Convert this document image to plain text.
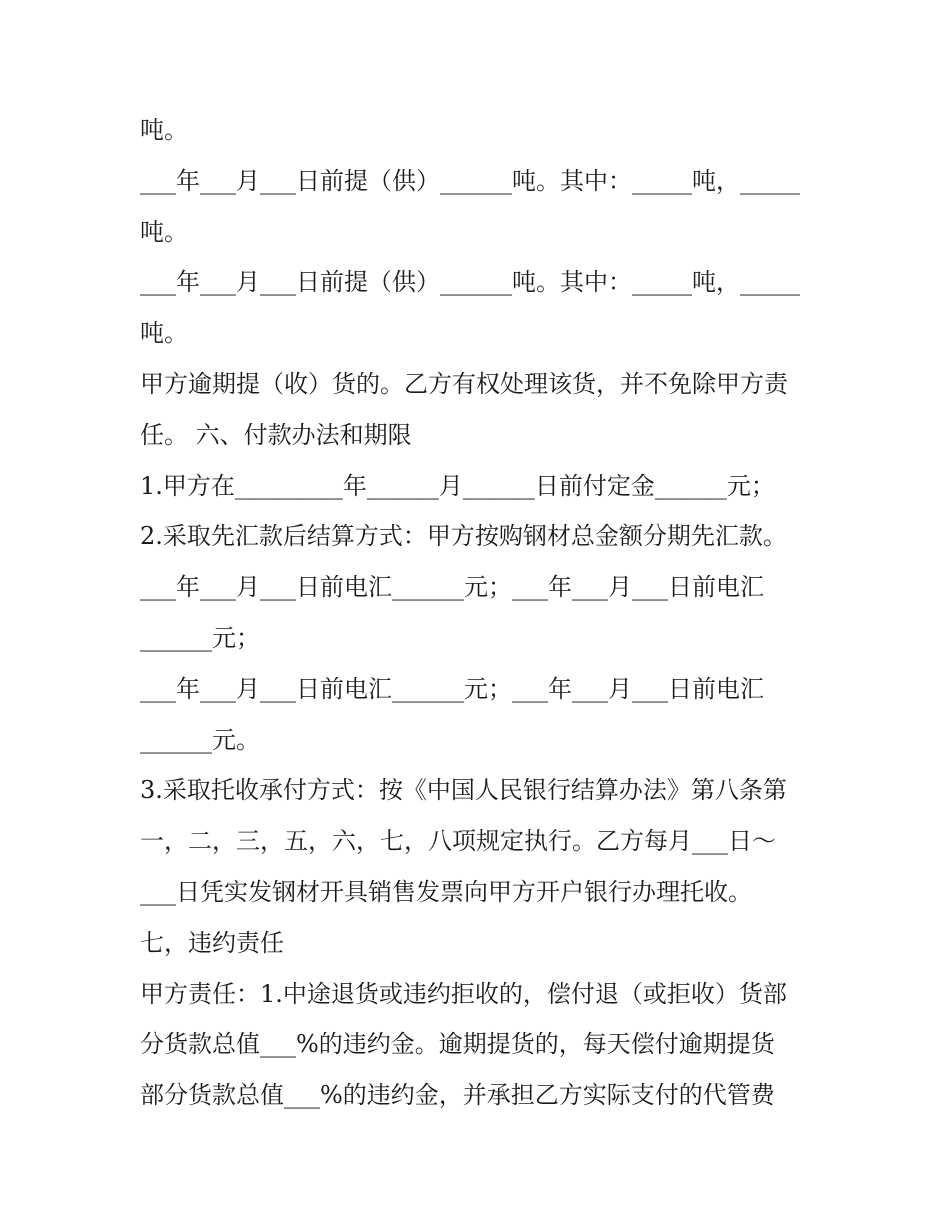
吨。
___年___月___日前提（供）______吨。其中：_____吨，_____
吨。
___年___月___日前提（供）______吨。其中：_____吨，_____
吨。
甲方逾期提（收）货的。乙方有权处理该货，并不免除甲方责
任。 六、付款办法和期限
1.甲方在_________年______月______日前付定金______元；
2.采取先汇款后结算方式：甲方按购钢材总金额分期先汇款。
___年___月___日前电汇______元；___年___月___日前电汇
______元；
___年___月___日前电汇______元；___年___月___日前电汇
______元。
3.采取托收承付方式：按《中国人民银行结算办法》第八条第
一，二，三，五，六，七，八项规定执行。乙方每月___日～
___日凭实发钢材开具销售发票向甲方开户银行办理托收。
七，违约责任
甲方责任：1.中途退货或违约拒收的，偿付退（或拒收）货部
分货款总值___%的违约金。逾期提货的，每天偿付逾期提货
部分货款总值___%的违约金，并承担乙方实际支付的代管费
